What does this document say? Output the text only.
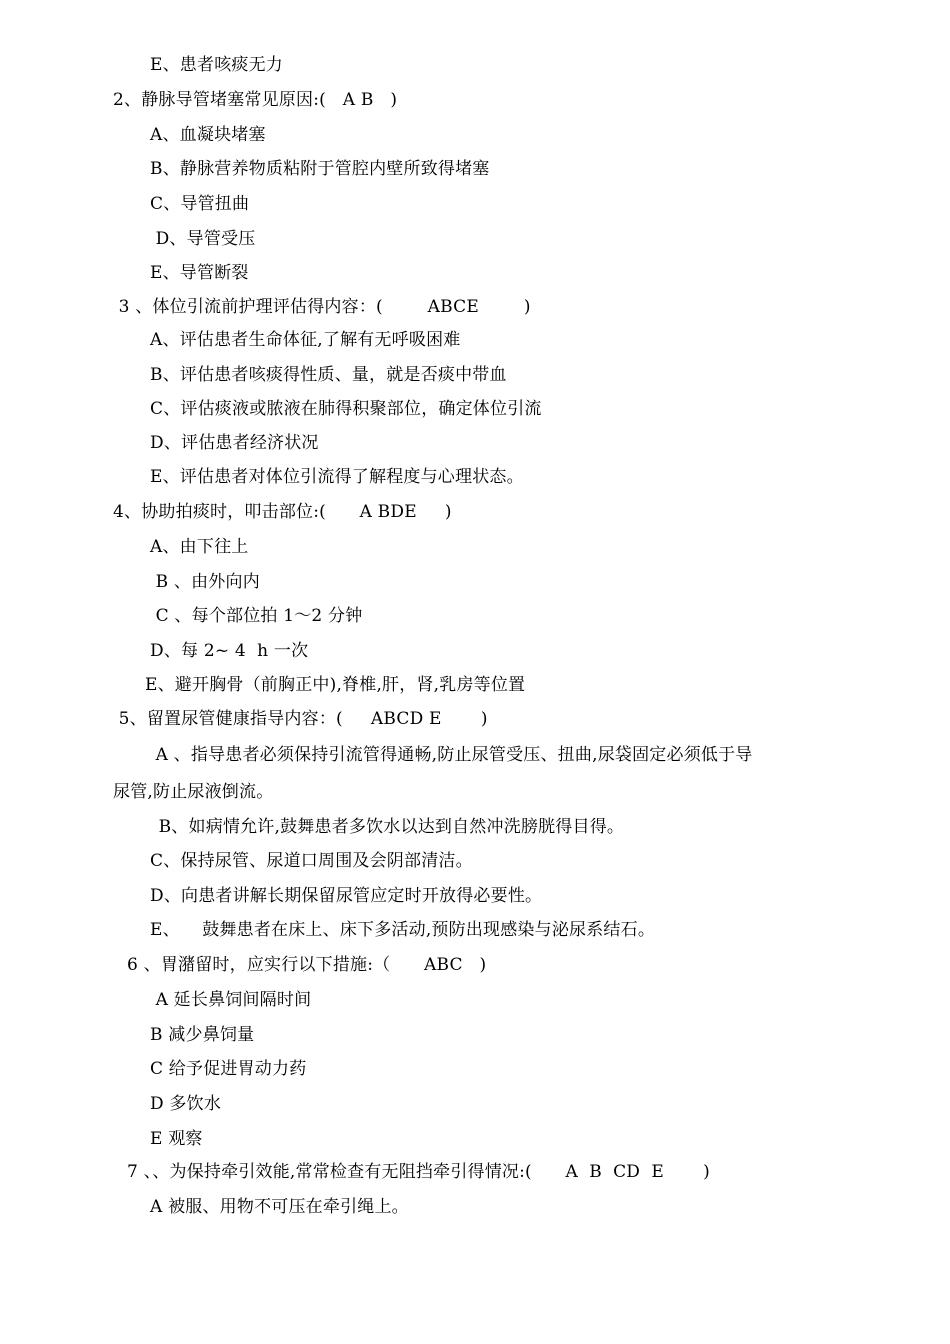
E、患者咳痰无力
2、静脉导管堵塞常见原因:(   A B   )
A、血凝块堵塞
B、静脉营养物质粘附于管腔内壁所致得堵塞
C、导管扭曲
D、导管受压
E、导管断裂
3 、体位引流前护理评估得内容：(        ABCE        )
A、评估患者生命体征,了解有无呼吸困难
B、评估患者咳痰得性质、量，就是否痰中带血
C、评估痰液或脓液在肺得积聚部位，确定体位引流
D、评估患者经济状况
E、评估患者对体位引流得了解程度与心理状态。
4、协助拍痰时，叩击部位:(      A BDE     )
A、由下往上
B 、由外向内
C 、每个部位拍 1～2 分钟
D、每 2~ 4  h 一次
E、避开胸骨（前胸正中),脊椎,肝，肾,乳房等位置
5、留置尿管健康指导内容：(     ABCD E       )
A 、指导患者必须保持引流管得通畅,防止尿管受压、扭曲,尿袋固定必须低于导
尿管,防止尿液倒流。
B、如病情允许,鼓舞患者多饮水以达到自然冲洗膀胱得目得。
C、保持尿管、尿道口周围及会阴部清洁。
D、向患者讲解长期保留尿管应定时开放得必要性。
E、    鼓舞患者在床上、床下多活动,预防出现感染与泌尿系结石。
6 、胃潴留时，应实行以下措施:（      ABC   )
A 延长鼻饲间隔时间
B 减少鼻饲量
C 给予促进胃动力药
D 多饮水
E 观察
7 、、为保持牵引效能,常常检查有无阻挡牵引得情况:(      A  B  CD  E       )
A 被服、用物不可压在牵引绳上。
